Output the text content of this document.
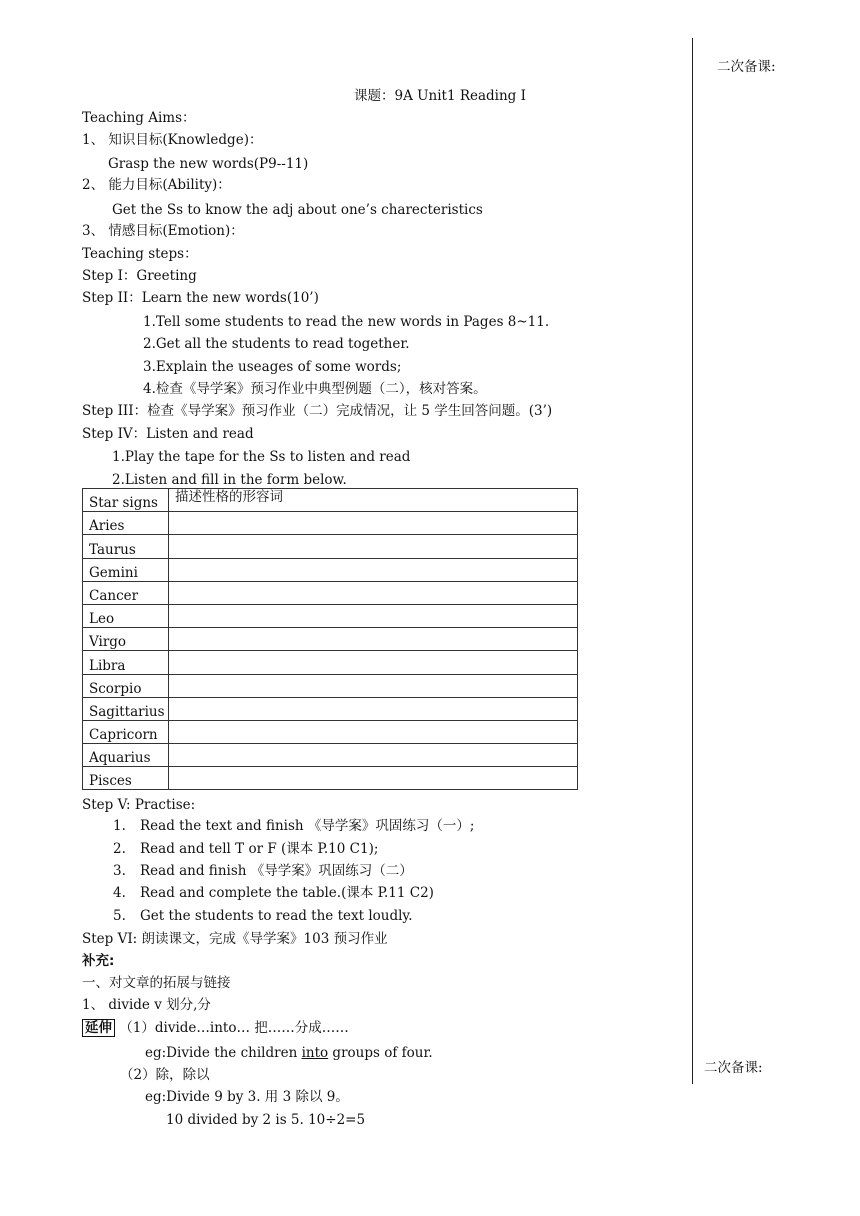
二次备课:
二次备课:
课题：9A Unit1 Reading I
Teaching Aims：
1、 知识目标(Knowledge)：
Grasp the new words(P9--11)
2、 能力目标(Ability)：
Get the Ss to know the adj about one’s charecteristics
3、 情感目标(Emotion)：
Teaching steps：
Step I：Greeting
Step II：Learn the new words(10’)
1.Tell some students to read the new words in Pages 8~11.
2.Get all the students to read together.
3.Explain the useages of some words;
4.检查《导学案》预习作业中典型例题（二），核对答案。
Step III：检查《导学案》预习作业（二）完成情况，让 5 学生回答问题。(3’)
Step IV：Listen and read
1.Play the tape for the Ss to listen and read
2.Listen and fill in the form below.
Star signs	描述性格的形容词
Aries	
Taurus	
Gemini	
Cancer	
Leo	
Virgo	
Libra	
Scorpio	
Sagittarius	
Capricorn	
Aquarius	
Pisces	
Step V: Practise:
1. Read the text and finish 《导学案》巩固练习（一）;
2. Read and tell T or F (课本 P.10 C1);
3. Read and finish 《导学案》巩固练习（二）
4. Read and complete the table.(课本 P.11 C2)
5. Get the students to read the text loudly.
Step VI: 朗读课文，完成《导学案》103 预习作业
补充:
一、对文章的拓展与链接
1、 divide v 划分,分
延伸 （1）divide…into… 把……分成……
eg:Divide the children into groups of four.
（2）除，除以
eg:Divide 9 by 3. 用 3 除以 9。
10 divided by 2 is 5. 10÷2=5
